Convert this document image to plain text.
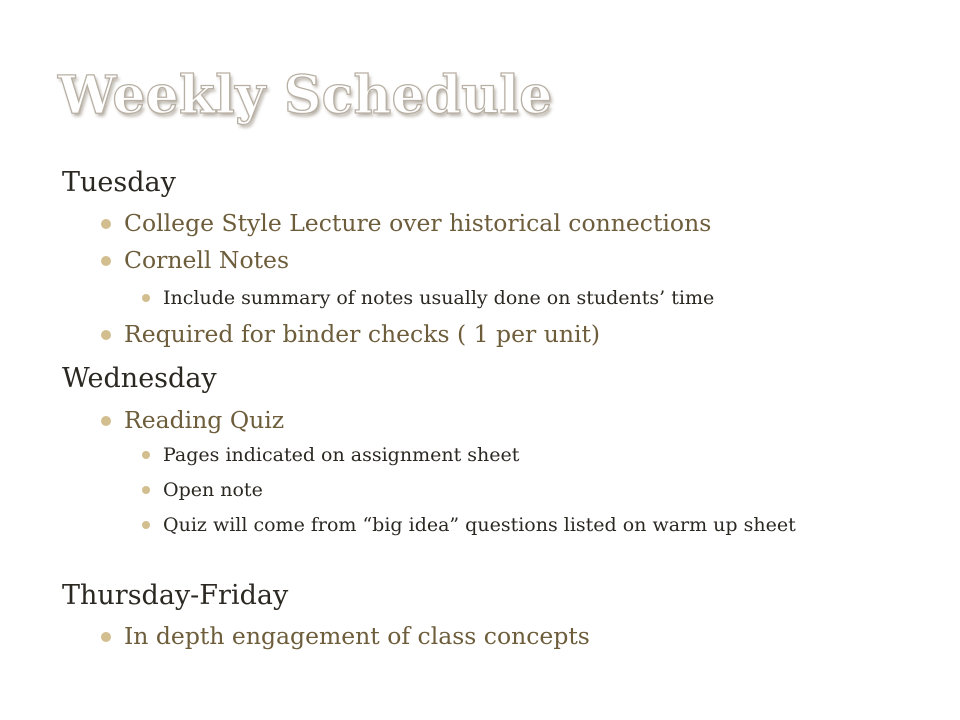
Weekly Schedule
Tuesday
College Style Lecture over historical connections
Cornell Notes
Include summary of notes usually done on students’ time
Required for binder checks ( 1 per unit)
Wednesday
Reading Quiz
Pages indicated on assignment sheet
Open note
Quiz will come from “big idea” questions listed on warm up sheet
Thursday-Friday
In depth engagement of class concepts
